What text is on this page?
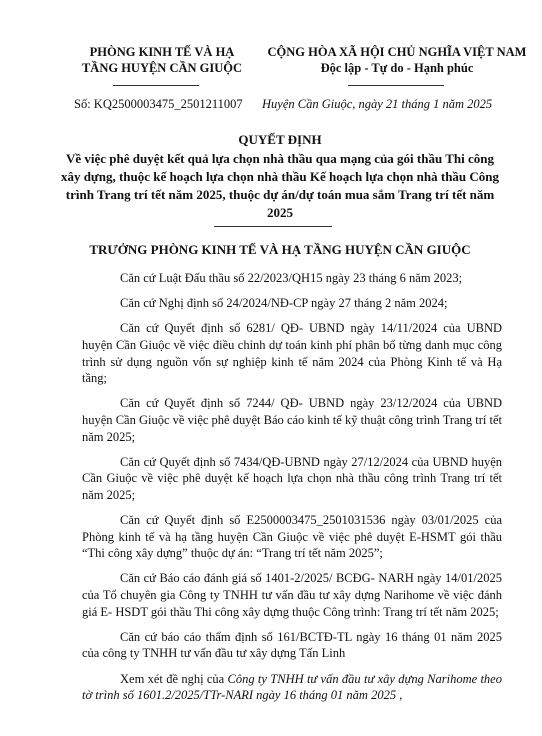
PHÒNG KINH TẾ VÀ HẠ
TẦNG HUYỆN CẦN GIUỘC
CỘNG HÒA XÃ HỘI CHỦ NGHĨA VIỆT NAM
Độc lập - Tự do - Hạnh phúc
Số: KQ2500003475_2501211007 Huyện Cần Giuộc, ngày 21 tháng 1 năm 2025
QUYẾT ĐỊNH
Về việc phê duyệt kết quả lựa chọn nhà thầu qua mạng của gói thầu Thi công xây dựng, thuộc kế hoạch lựa chọn nhà thầu Kế hoạch lựa chọn nhà thầu Công trình Trang trí tết năm 2025, thuộc dự án/dự toán mua sắm Trang trí tết năm 2025
TRƯỞNG PHÒNG KINH TẾ VÀ HẠ TẦNG HUYỆN CẦN GIUỘC

Căn cứ Luật Đấu thầu số 22/2023/QH15 ngày 23 tháng 6 năm 2023;

Căn cứ Nghị định số 24/2024/NĐ-CP ngày 27 tháng 2 năm 2024;

Căn cứ Quyết định số 6281/ QĐ- UBND ngày 14/11/2024 của UBND huyện Cần Giuộc về việc điều chỉnh dự toán kinh phí phân bổ từng danh mục công trình sử dụng nguồn vốn sự nghiệp kinh tế năm 2024 của Phòng Kinh tế và Hạ tầng;

Căn cứ Quyết định số 7244/ QĐ- UBND ngày 23/12/2024 của UBND huyện Cần Giuộc về việc phê duyệt Báo cáo kinh tế kỹ thuật công trình Trang trí tết năm 2025;

Căn cứ Quyết định số 7434/QĐ-UBND ngày 27/12/2024 của UBND huyện Cần Giuộc về việc phê duyệt kế hoạch lựa chọn nhà thầu công trình Trang trí tết năm 2025;

Căn cứ Quyết định số E2500003475_2501031536 ngày 03/01/2025 của Phòng kinh tế và hạ tầng huyện Cần Giuộc về việc phê duyệt E-HSMT gói thầu “Thi công xây dựng” thuộc dự án: “Trang trí tết năm 2025”;

Căn cứ Báo cáo đánh giá số 1401-2/2025/ BCĐG- NARH ngày 14/01/2025 của Tổ chuyên gia Công ty TNHH tư vấn đầu tư xây dựng Narihome về việc đánh giá E- HSDT gói thầu Thi công xây dựng thuộc Công trình: Trang trí tết năm 2025;

Căn cứ báo cáo thẩm định số 161/BCTĐ-TL ngày 16 tháng 01 năm 2025 của công ty TNHH tư vấn đầu tư xây dựng Tấn Linh

Xem xét đề nghị của Công ty TNHH tư vấn đầu tư xây dựng Narihome theo tờ trình số 1601.2/2025/TTr-NARI ngày 16 tháng 01 năm 2025 ,
